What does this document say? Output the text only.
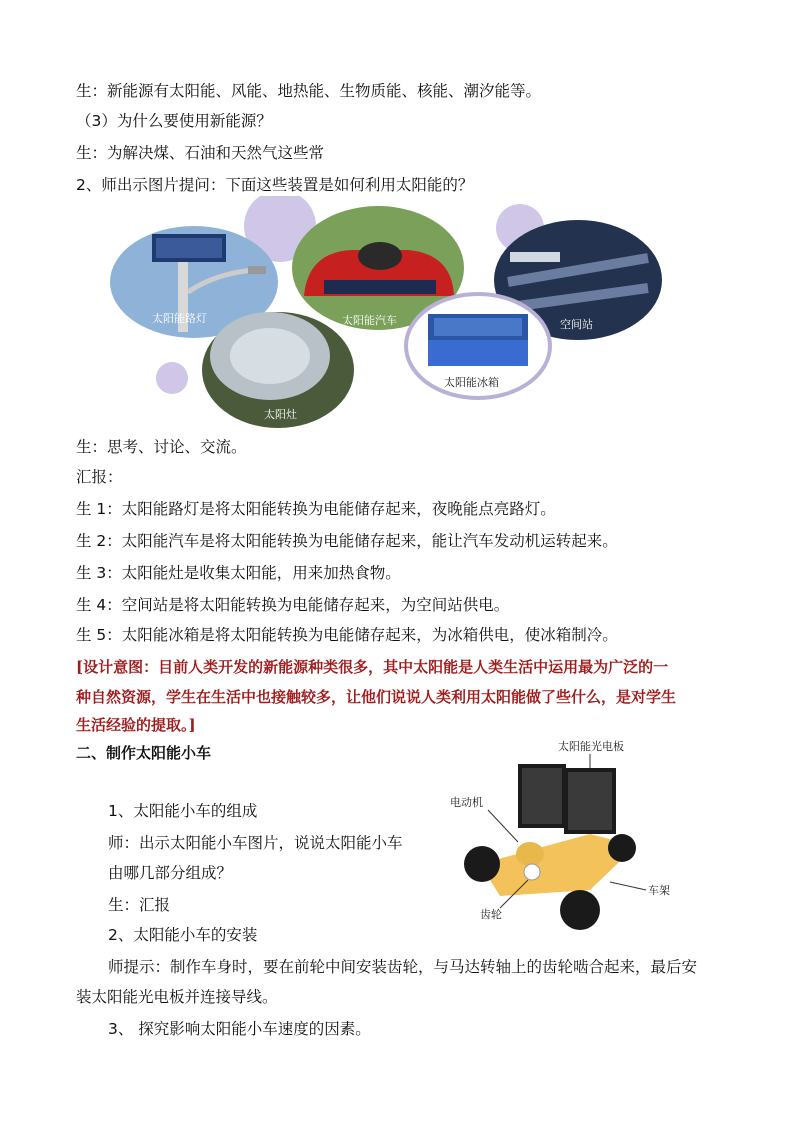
生：新能源有太阳能、风能、地热能、生物质能、核能、潮汐能等。
（3）为什么要使用新能源？
生：为解决煤、石油和天然气这些常
2、师出示图片提问：下面这些装置是如何利用太阳能的？
太阳能路灯	太阳能汽车	空间站
太阳能冰箱
太阳灶
生：思考、讨论、交流。
汇报：
生 1：太阳能路灯是将太阳能转换为电能储存起来，夜晚能点亮路灯。
生 2：太阳能汽车是将太阳能转换为电能储存起来，能让汽车发动机运转起来。
生 3：太阳能灶是收集太阳能，用来加热食物。
生 4：空间站是将太阳能转换为电能储存起来，为空间站供电。
生 5：太阳能冰箱是将太阳能转换为电能储存起来，为冰箱供电，使冰箱制冷。
[设计意图：目前人类开发的新能源种类很多，其中太阳能是人类生活中运用最为广泛的一
种自然资源，学生在生活中也接触较多，让他们说说人类利用太阳能做了些什么，是对学生
生活经验的提取。]
二、制作太阳能小车
1、太阳能小车的组成
师：出示太阳能小车图片，说说太阳能小车
由哪几部分组成？
生：汇报
2、太阳能小车的安装
师提示：制作车身时，要在前轮中间安装齿轮，与马达转轴上的齿轮啮合起来，最后安
装太阳能光电板并连接导线。
3、 探究影响太阳能小车速度的因素。
太阳能光电板
电动机
车架
齿轮
